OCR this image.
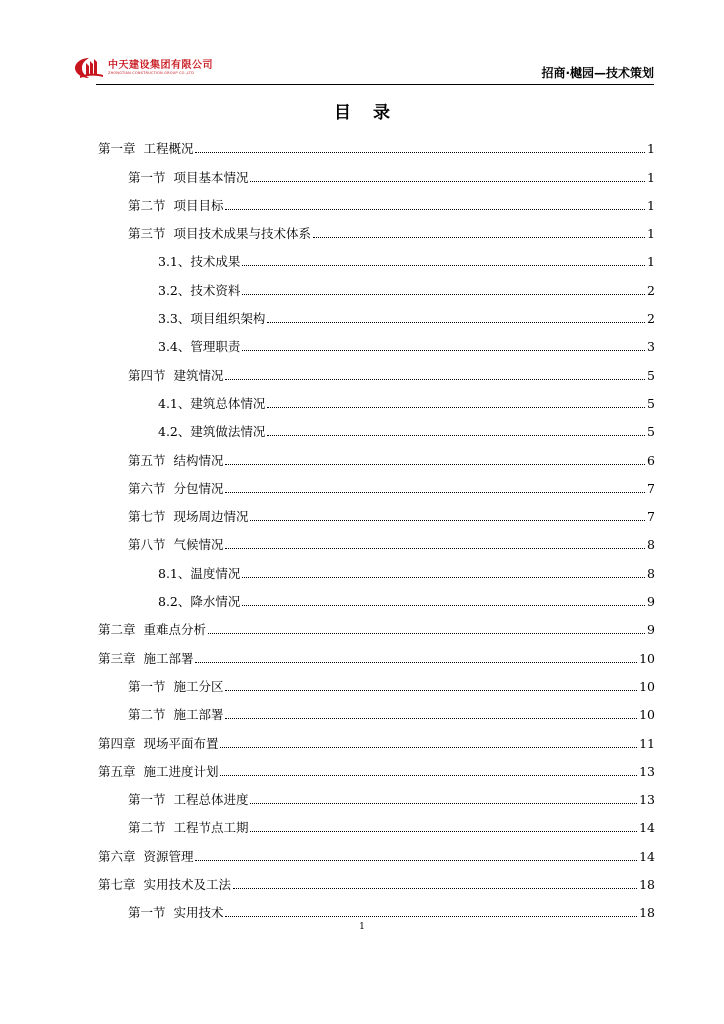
中天建设集团有限公司
ZHONGTIAN CONSTRUCTION GROUP CO.,LTD	招商·樾园—技术策划
目录
第一章  工程概况	1
第一节  项目基本情况	1
第二节  项目目标	1
第三节  项目技术成果与技术体系	1
3.1、技术成果	1
3.2、技术资料	2
3.3、项目组织架构	2
3.4、管理职责	3
第四节  建筑情况	5
4.1、建筑总体情况	5
4.2、建筑做法情况	5
第五节  结构情况	6
第六节  分包情况	7
第七节  现场周边情况	7
第八节  气候情况	8
8.1、温度情况	8
8.2、降水情况	9
第二章  重难点分析	9
第三章  施工部署	10
第一节  施工分区	10
第二节  施工部署	10
第四章  现场平面布置	11
第五章  施工进度计划	13
第一节  工程总体进度	13
第二节  工程节点工期	14
第六章  资源管理	14
第七章  实用技术及工法	18
第一节  实用技术	18
1
